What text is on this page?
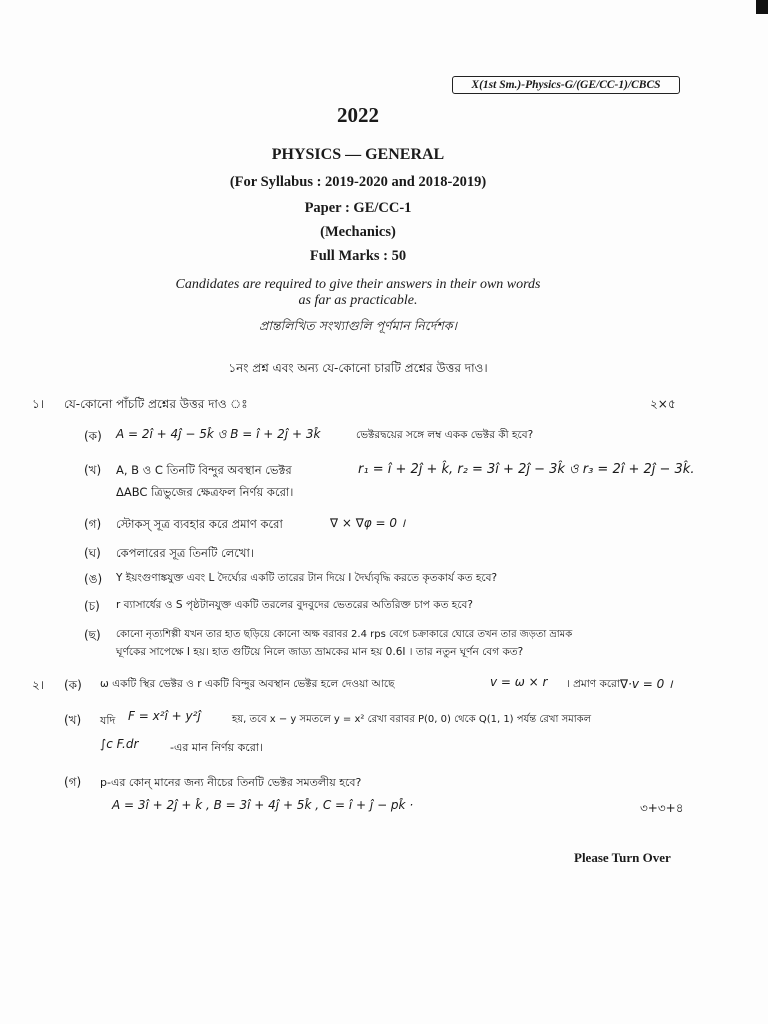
X(1st Sm.)-Physics-G/(GE/CC-1)/CBCS
2022
PHYSICS — GENERAL
(For Syllabus : 2019-2020 and 2018-2019)
Paper : GE/CC-1
(Mechanics)
Full Marks : 50
Candidates are required to give their answers in their own words
as far as practicable.
প্রান্তলিখিত সংখ্যাগুলি পূর্ণমান নির্দেশক।
১নং প্রশ্ন এবং অন্য যে-কোনো চারটি প্রশ্নের উত্তর দাও।
১। যে-কোনো পাঁচটি প্রশ্নের উত্তর দাও ঃ	২×৫
(ক) A = 2î + 4ĵ − 5k̂ ও B = î + 2ĵ + 3k̂	ভেক্টরদ্বয়ের সঙ্গে লম্ব একক ভেক্টর কী হবে?
(খ) A, B ও C তিনটি বিন্দুর অবস্থান ভেক্টর	r₁ = î + 2ĵ + k̂, r₂ = 3î + 2ĵ − 3k̂ ও r₃ = 2î + 2ĵ − 3k̂.
ΔABC ত্রিভুজের ক্ষেত্রফল নির্ণয় করো।
(গ) স্টোকস্ সূত্র ব্যবহার করে প্রমাণ করো	∇ × ∇φ = 0 ।
(ঘ) কেপলারের সূত্র তিনটি লেখো।
(ঙ) Y ইয়ংগুণাঙ্কযুক্ত এবং L দৈর্ঘ্যের একটি তারের টান দিয়ে l দৈর্ঘ্যবৃদ্ধি করতে কৃতকার্য কত হবে?
(চ) r ব্যাসার্ধের ও S পৃষ্ঠটানযুক্ত একটি তরলের বুদবুদের ভেতরের অতিরিক্ত চাপ কত হবে?
(ছ) কোনো নৃত্যশিল্পী যখন তার হাত ছড়িয়ে কোনো অক্ষ বরাবর 2.4 rps বেগে চক্রাকারে ঘোরে তখন তার জড়তা ভ্রামক
ঘূর্ণকের সাপেক্ষে I হয়। হাত গুটিয়ে নিলে জাড্য ভ্রামকের মান হয় 0.6I । তার নতুন ঘূর্ণন বেগ কত?
২। (ক) ω একটি স্থির ভেক্টর ও r একটি বিন্দুর অবস্থান ভেক্টর হলে দেওয়া আছে	v = ω × r । প্রমাণ করো ∇·v = 0 ।
(খ) যদি F = x²î + y²ĵ	হয়, তবে x − y সমতলে y = x² রেখা বরাবর P(0, 0) থেকে Q(1, 1) পর্যন্ত রেখা সমাকল
∫c F.dr	-এর মান নির্ণয় করো।
(গ) p-এর কোন্ মানের জন্য নীচের তিনটি ভেক্টর সমতলীয় হবে?
A = 3î + 2ĵ + k̂ , B = 3î + 4ĵ + 5k̂ , C = î + ĵ − pk̂ ·	৩+৩+৪
Please Turn Over
